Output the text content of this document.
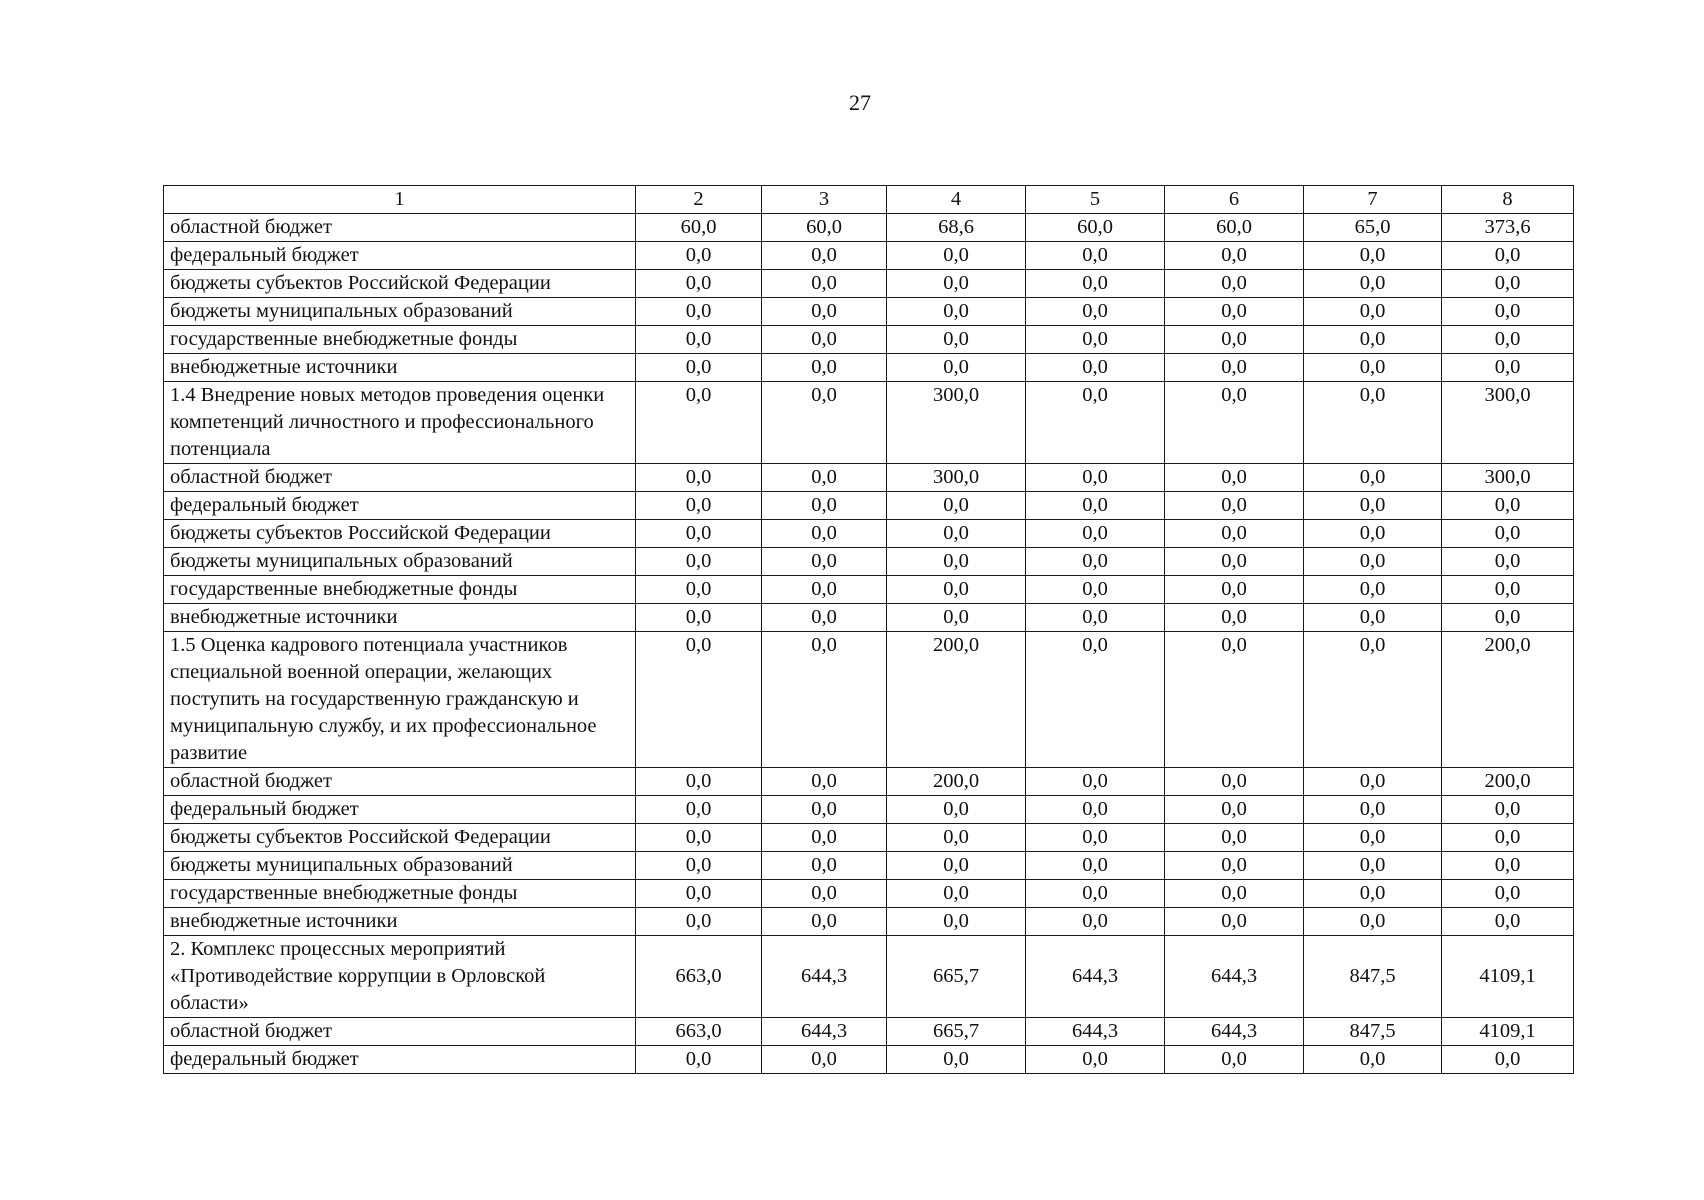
27
1	2	3	4	5	6	7	8
областной бюджет	60,0	60,0	68,6	60,0	60,0	65,0	373,6
федеральный бюджет	0,0	0,0	0,0	0,0	0,0	0,0	0,0
бюджеты субъектов Российской Федерации	0,0	0,0	0,0	0,0	0,0	0,0	0,0
бюджеты муниципальных образований	0,0	0,0	0,0	0,0	0,0	0,0	0,0
государственные внебюджетные фонды	0,0	0,0	0,0	0,0	0,0	0,0	0,0
внебюджетные источники	0,0	0,0	0,0	0,0	0,0	0,0	0,0
1.4 Внедрение новых методов проведения оценки компетенций личностного и профессионального потенциала	0,0	0,0	300,0	0,0	0,0	0,0	300,0
областной бюджет	0,0	0,0	300,0	0,0	0,0	0,0	300,0
федеральный бюджет	0,0	0,0	0,0	0,0	0,0	0,0	0,0
бюджеты субъектов Российской Федерации	0,0	0,0	0,0	0,0	0,0	0,0	0,0
бюджеты муниципальных образований	0,0	0,0	0,0	0,0	0,0	0,0	0,0
государственные внебюджетные фонды	0,0	0,0	0,0	0,0	0,0	0,0	0,0
внебюджетные источники	0,0	0,0	0,0	0,0	0,0	0,0	0,0
1.5 Оценка кадрового потенциала участников специальной военной операции, желающих поступить на государственную гражданскую и муниципальную службу, и их профессиональное развитие	0,0	0,0	200,0	0,0	0,0	0,0	200,0
областной бюджет	0,0	0,0	200,0	0,0	0,0	0,0	200,0
федеральный бюджет	0,0	0,0	0,0	0,0	0,0	0,0	0,0
бюджеты субъектов Российской Федерации	0,0	0,0	0,0	0,0	0,0	0,0	0,0
бюджеты муниципальных образований	0,0	0,0	0,0	0,0	0,0	0,0	0,0
государственные внебюджетные фонды	0,0	0,0	0,0	0,0	0,0	0,0	0,0
внебюджетные источники	0,0	0,0	0,0	0,0	0,0	0,0	0,0
2. Комплекс процессных мероприятий «Противодействие коррупции в Орловской области»	663,0	644,3	665,7	644,3	644,3	847,5	4109,1
областной бюджет	663,0	644,3	665,7	644,3	644,3	847,5	4109,1
федеральный бюджет	0,0	0,0	0,0	0,0	0,0	0,0	0,0
